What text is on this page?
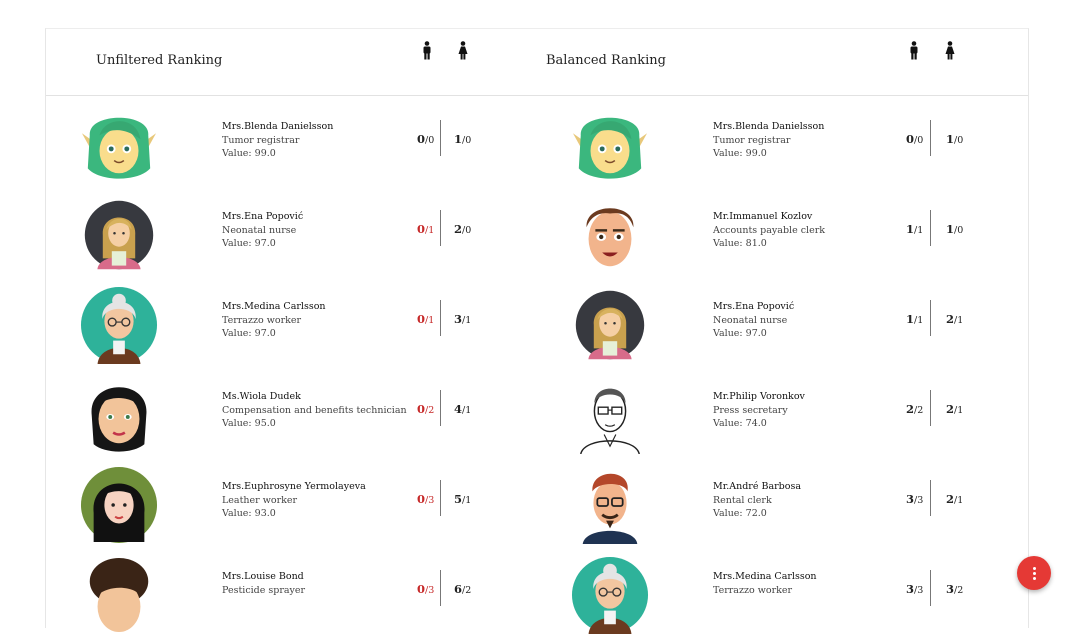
Unfiltered Ranking	Balanced Ranking
Mrs.Blenda Danielsson
Tumor registrar
Value: 99.0
0/0 1/0
Mrs.Ena Popović
Neonatal nurse
Value: 97.0
0/1 2/0
Mrs.Medina Carlsson
Terrazzo worker
Value: 97.0
0/1 3/1
Ms.Wiola Dudek
Compensation and benefits technician
Value: 95.0
0/2 4/1
Mrs.Euphrosyne Yermolayeva
Leather worker
Value: 93.0
0/3 5/1
Mrs.Louise Bond
Pesticide sprayer	0/3 6/2
Mrs.Blenda Danielsson
Tumor registrar
Value: 99.0
0/0 1/0
Mr.Immanuel Kozlov
Accounts payable clerk
Value: 81.0
1/1 1/0
Mrs.Ena Popović
Neonatal nurse
Value: 97.0
1/1 2/1
Mr.Philip Voronkov
Press secretary
Value: 74.0
2/2 2/1
Mr.André Barbosa
Rental clerk
Value: 72.0
3/3 2/1
Mrs.Medina Carlsson
Terrazzo worker	3/3 3/2
